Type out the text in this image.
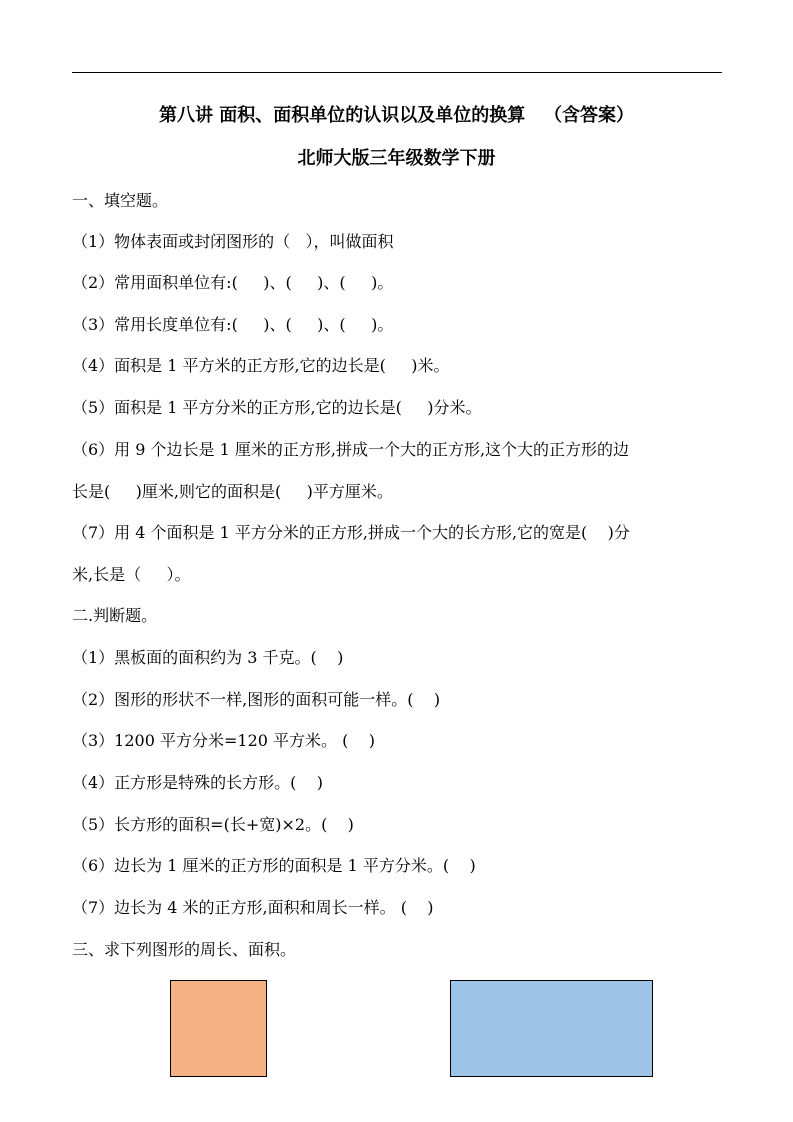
第八讲 面积、面积单位的认识以及单位的换算   （含答案）
北师大版三年级数学下册
一、填空题。
（1）物体表面或封闭图形的（   ），叫做面积
（2）常用面积单位有:(     )、(     )、(     )。
（3）常用长度单位有:(     )、(     )、(     )。
（4）面积是 1 平方米的正方形,它的边长是(     )米。
（5）面积是 1 平方分米的正方形,它的边长是(     )分米。
（6）用 9 个边长是 1 厘米的正方形,拼成一个大的正方形,这个大的正方形的边
长是(     )厘米,则它的面积是(     )平方厘米。
（7）用 4 个面积是 1 平方分米的正方形,拼成一个大的长方形,它的宽是(    )分
米,长是（     ）。
二.判断题。
（1）黑板面的面积约为 3 千克。(    )
（2）图形的形状不一样,图形的面积可能一样。(    )
（3）1200 平方分米=120 平方米。 (    )
（4）正方形是特殊的长方形。(    )
（5）长方形的面积=(长+宽)×2。(    )
（6）边长为 1 厘米的正方形的面积是 1 平方分米。(    )
（7）边长为 4 米的正方形,面积和周长一样。 (    )
三、求下列图形的周长、面积。
